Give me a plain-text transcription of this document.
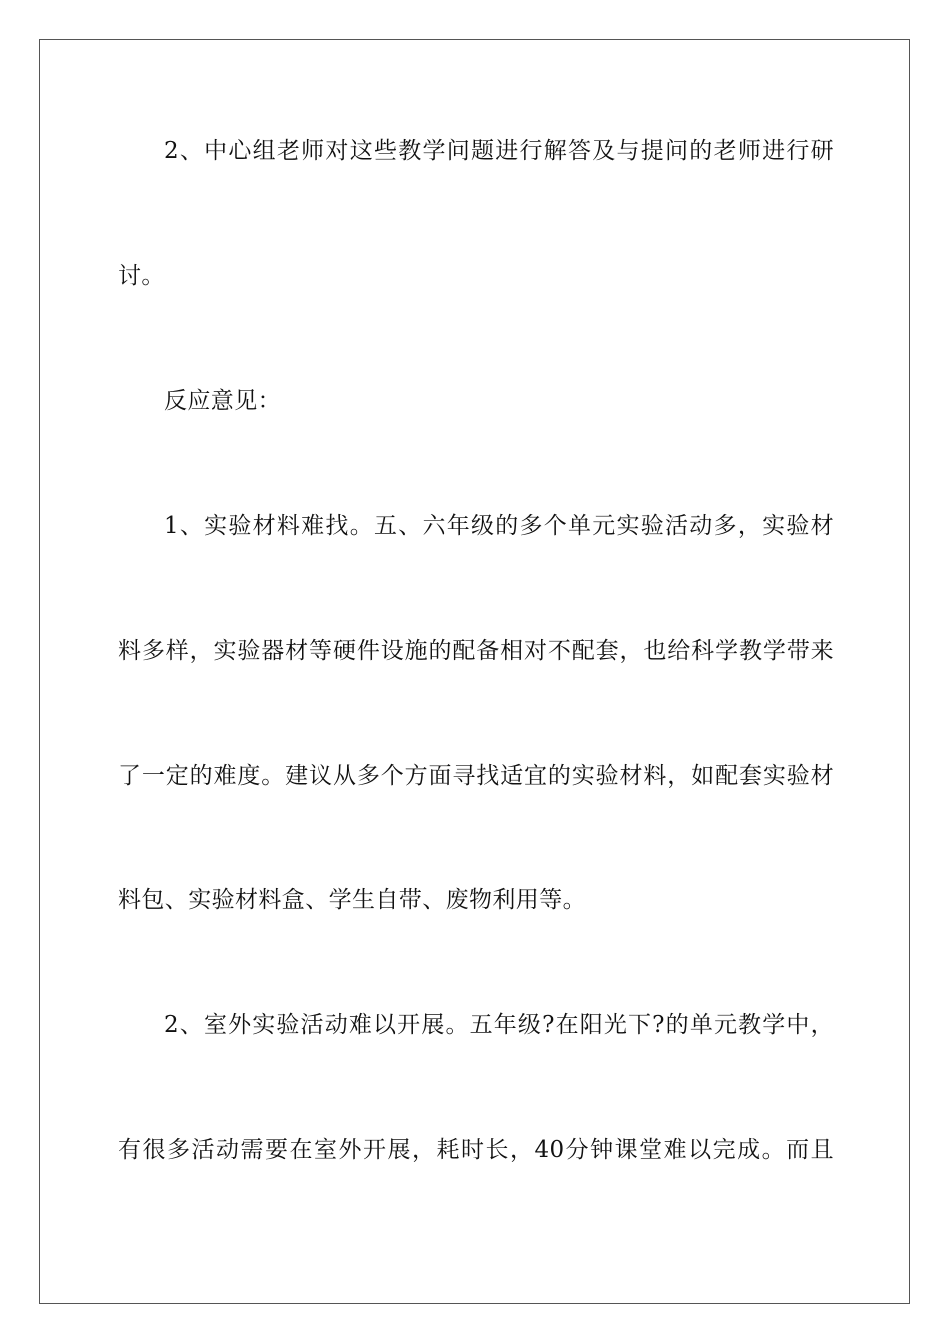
2、中心组老师对这些教学问题进行解答及与提问的老师进行研
讨。
反应意见：
1、实验材料难找。五、六年级的多个单元实验活动多，实验材
料多样，实验器材等硬件设施的配备相对不配套，也给科学教学带来
了一定的难度。建议从多个方面寻找适宜的实验材料，如配套实验材
料包、实验材料盒、学生自带、废物利用等。
2、室外实验活动难以开展。五年级?在阳光下?的单元教学中，
有很多活动需要在室外开展，耗时长，40分钟课堂难以完成。而且
